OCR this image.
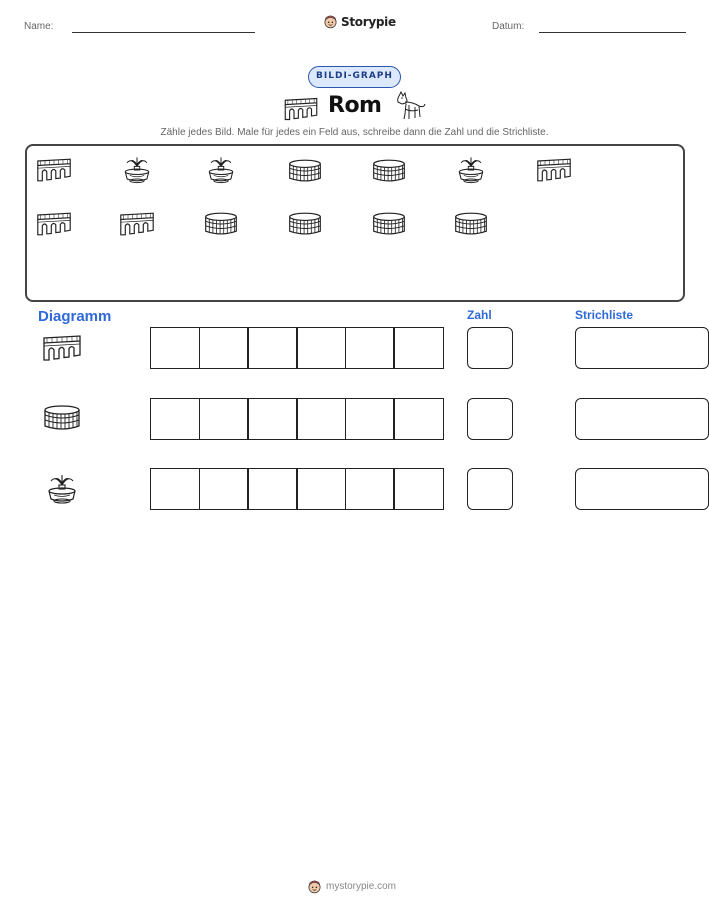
Name:	Storypie	Datum:
BILDI-GRAPH
Rom
Zähle jedes Bild. Male für jedes ein Feld aus, schreibe dann die Zahl und die Strichliste.
Diagramm	Zahl	Strichliste
mystorypie.com
